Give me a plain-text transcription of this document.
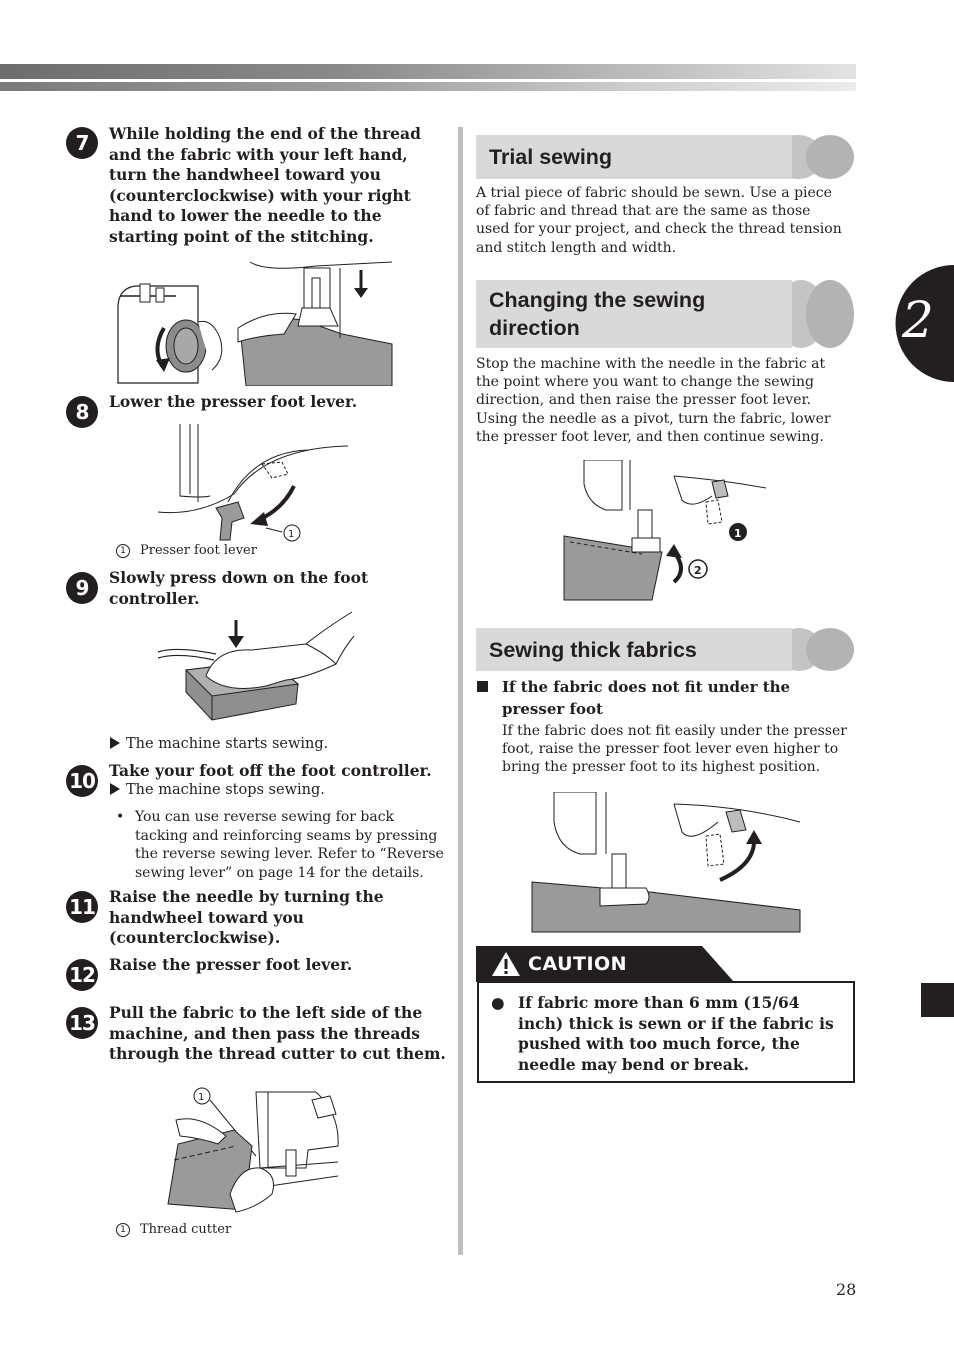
7	While holding the end of the thread and the fabric with your left hand, turn the handwheel toward you (counterclockwise) with your right hand to lower the needle to the starting point of the stitching.
8	Lower the presser foot lever.
1
1 Presser foot lever
9	Slowly press down on the foot controller.
The machine starts sewing.
10 Take your foot off the foot controller.
The machine stops sewing.
• You can use reverse sewing for back tacking and reinforcing seams by pressing the reverse sewing lever. Refer to “Reverse sewing lever” on page 14 for the details.
11 Raise the needle by turning the handwheel toward you (counterclockwise).
12 Raise the presser foot lever.
13 Pull the fabric to the left side of the machine, and then pass the threads through the thread cutter to cut them.
1
1 Thread cutter
Trial sewing
A trial piece of fabric should be sewn. Use a piece of fabric and thread that are the same as those used for your project, and check the thread tension and stitch length and width.
Changing the sewing
direction
Stop the machine with the needle in the fabric at the point where you want to change the sewing direction, and then raise the presser foot lever. Using the needle as a pivot, turn the fabric, lower the presser foot lever, and then continue sewing.
1
2
Sewing thick fabrics
If the fabric does not fit under the presser foot
If the fabric does not fit easily under the presser foot, raise the presser foot lever even higher to bring the presser foot to its highest position.
CAUTION
● If fabric more than 6 mm (15/64 inch) thick is sewn or if the fabric is pushed with too much force, the needle may bend or break.
2
28
